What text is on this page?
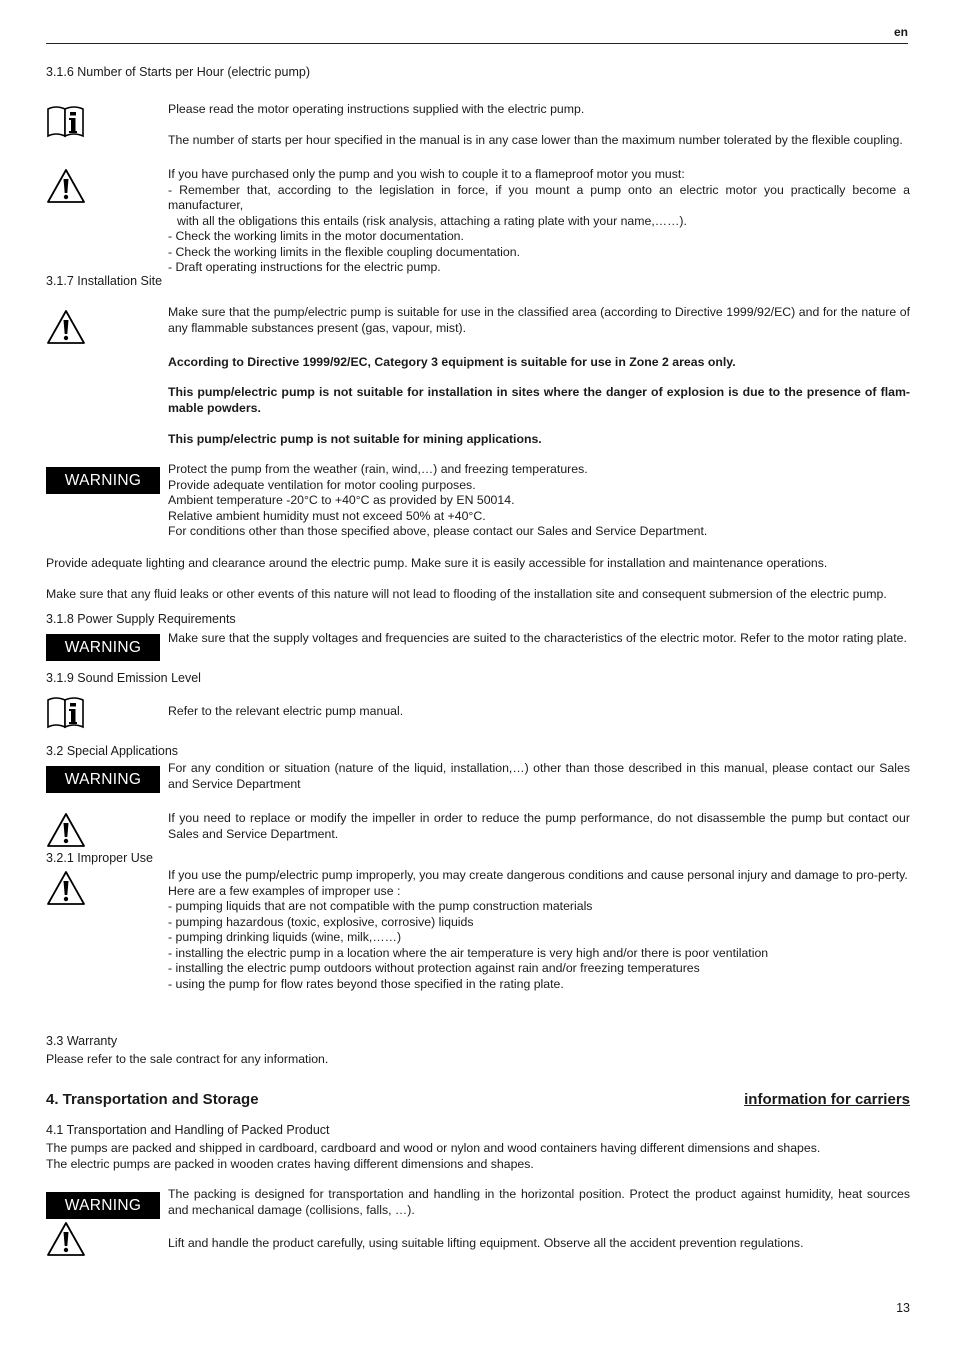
en
3.1.6 Number of Starts per Hour (electric pump)
Please read the motor operating instructions supplied with the electric pump.
The number of starts per hour specified in the manual is in any case lower than the maximum number tolerated by the flexible coupling.

If you have purchased only the pump and you wish to couple it to a flameproof motor you must:

- Remember that, according to the legislation in force, if you mount a pump onto an electric motor you practically become a manufacturer,

with all the obligations this entails (risk analysis, attaching a rating plate with your name,……).

- Check the working limits in the motor documentation.

- Check the working limits in the flexible coupling documentation.

- Draft operating instructions for the electric pump.

3.1.7 Installation Site
Make sure that the pump/electric pump is suitable for use in the classified area (according to Directive 1999/92/EC) and for the nature of any flammable substances present (gas, vapour, mist).
According to Directive 1999/92/EC, Category 3 equipment is suitable for use in Zone 2 areas only.
This pump/electric pump is not suitable for installation in sites where the danger of explosion is due to the presence of flam-mable powders.
This pump/electric pump is not suitable for mining applications.
WARNING

Protect the pump from the weather (rain, wind,…) and freezing temperatures.

Provide adequate ventilation for motor cooling purposes.

Ambient temperature -20°C to +40°C as provided by EN 50014.

Relative ambient humidity must not exceed 50% at +40°C.

For conditions other than those specified above, please contact our Sales and Service Department.

Provide adequate lighting and clearance around the electric pump. Make sure it is easily accessible for installation and maintenance operations.
Make sure that any fluid leaks or other events of this nature will not lead to flooding of the installation site and consequent submersion of the electric pump.
3.1.8 Power Supply Requirements
WARNING
Make sure that the supply voltages and frequencies are suited to the characteristics of the electric motor. Refer to the motor rating plate.
3.1.9 Sound Emission Level
Refer to the relevant electric pump manual.
3.2 Special Applications
WARNING
For any condition or situation (nature of the liquid, installation,…) other than those described in this manual, please contact our Sales and Service Department
If you need to replace or modify the impeller in order to reduce the pump performance, do not disassemble the pump but contact our Sales and Service Department.
3.2.1 Improper Use

If you use the pump/electric pump improperly, you may create dangerous conditions and cause personal injury and damage to pro-perty.

Here are a few examples of improper use :

- pumping liquids that are not compatible with the pump construction materials

- pumping hazardous (toxic, explosive, corrosive) liquids

- pumping drinking liquids (wine, milk,……)

- installing the electric pump in a location where the air temperature is very high and/or there is poor ventilation

- installing the electric pump outdoors without protection against rain and/or freezing temperatures

- using the pump for flow rates beyond those specified in the rating plate.

3.3 Warranty
Please refer to the sale contract for any information.
4. Transportation and Storage	information for carriers
4.1 Transportation and Handling of Packed Product

The pumps are packed and shipped in cardboard, cardboard and wood or nylon and wood containers having different dimensions and shapes.

The electric pumps are packed in wooden crates having different dimensions and shapes.

WARNING
The packing is designed for transportation and handling in the horizontal position. Protect the product against humidity, heat sources and mechanical damage (collisions, falls, …).
Lift and handle the product carefully, using suitable lifting equipment. Observe all the accident prevention regulations.
13
